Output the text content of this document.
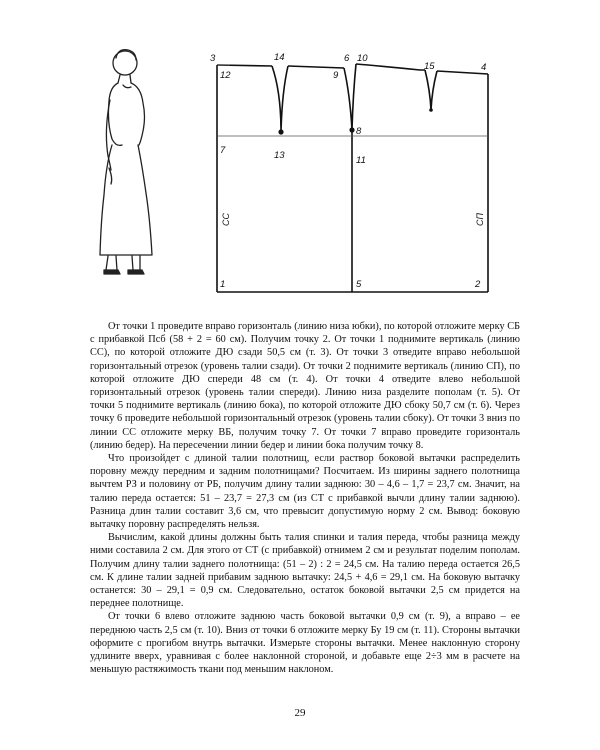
3
12
14	6 10
9
15	4
8
7	13	11
1	5	2
СС	СП

От точки 1 проведите вправо горизонталь (линию низа юбки), по которой отложите мерку СБ с прибавкой Псб (58 + 2 = 60 см). Получим точку 2. От точки 1 поднимите вертикаль (линию СС), по которой отложите ДЮ сзади 50,5 см (т. 3). От точки 3 отведите вправо небольшой горизонтальный отрезок (уровень талии сзади). От точки 2 поднимите вертикаль (линию СП), по которой отложите ДЮ спереди 48 см (т. 4). От точки 4 отведите влево небольшой горизонтальный отрезок (уровень талии спереди). Линию низа разделите пополам (т. 5). От точки 5 поднимите вертикаль (линию бока), по которой отложите ДЮ сбоку 50,7 см (т. 6). Через точку 6 проведите небольшой горизонтальный отрезок (уровень талии сбоку). От точки 3 вниз по линии СС отложите мерку ВБ, получим точку 7. От точки 7 вправо проведите горизонталь (линию бедер). На пересечении линии бедер и линии бока получим точку 8.

Что произойдет с длиной талии полотнищ, если раствор боковой вытачки распределить поровну между передним и задним полотнищами? Посчитаем. Из ширины заднего полотнища вычтем РЗ и половину от РБ, получим длину талии заднюю: 30 – 4,6 – 1,7 = 23,7 см. Значит, на талию переда остается: 51 – 23,7 = 27,3 см (из СТ с прибавкой вычли длину талии заднюю). Разница длин талии составит 3,6 см, что превысит допустимую норму 2 см. Вывод: боковую вытачку поровну распределять нельзя.

Вычислим, какой длины должны быть талия спинки и талия переда, чтобы разница между ними составила 2 см. Для этого от СТ (с прибавкой) отнимем 2 см и результат поделим пополам. Получим длину талии заднего полотнища: (51 – 2) : 2 = 24,5 см. На талию переда остается 26,5 см. К длине талии задней прибавим заднюю вытачку: 24,5 + 4,6 = 29,1 см. На боковую вытачку останется: 30 – 29,1 = 0,9 см. Следовательно, остаток боковой вытачки 2,5 см придется на переднее полотнище.

От точки 6 влево отложите заднюю часть боковой вытачки 0,9 см (т. 9), а вправо – ее переднюю часть 2,5 см (т. 10). Вниз от точки 6 отложите мерку Бу 19 см (т. 11). Стороны вытачки оформите с прогибом внутрь вытачки. Измерьте стороны вытачки. Менее наклонную сторону удлините вверх, уравнивая с более наклонной стороной, и добавьте еще 2÷3 мм в расчете на меньшую растяжимость ткани под меньшим наклоном.

29
